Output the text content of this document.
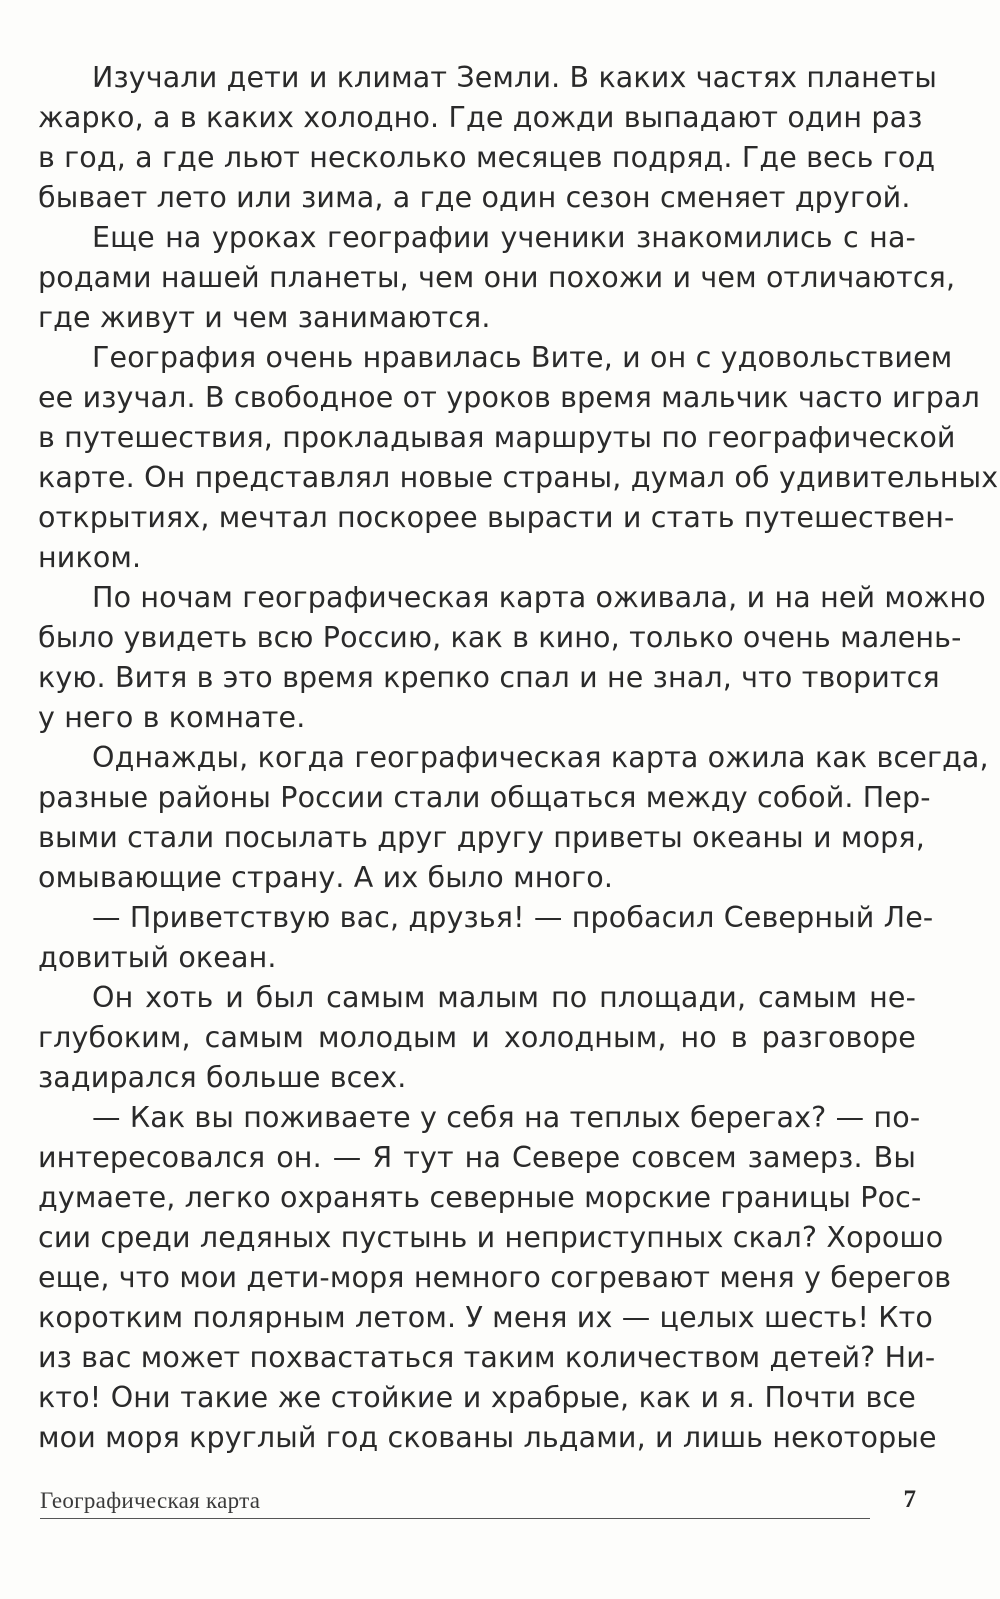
Изучали дети и климат Земли. В каких частях планеты
жарко, а в каких холодно. Где дожди выпадают один раз
в год, а где льют несколько месяцев подряд. Где весь год
бывает лето или зима, а где один сезон сменяет другой.
Еще на уроках географии ученики знакомились с на-
родами нашей планеты, чем они похожи и чем отличаются,
где живут и чем занимаются.
География очень нравилась Вите, и он с удовольствием
ее изучал. В свободное от уроков время мальчик часто играл
в путешествия, прокладывая маршруты по географической
карте. Он представлял новые страны, думал об удивительных
открытиях, мечтал поскорее вырасти и стать путешествен-
ником.
По ночам географическая карта оживала, и на ней можно
было увидеть всю Россию, как в кино, только очень малень-
кую. Витя в это время крепко спал и не знал, что творится
у него в комнате.
Однажды, когда географическая карта ожила как всегда,
разные районы России стали общаться между собой. Пер-
выми стали посылать друг другу приветы океаны и моря,
омывающие страну. А их было много.
— Приветствую вас, друзья! — пробасил Северный Ле-
довитый океан.
Он хоть и был самым малым по площади, самым не-
глубоким, самым молодым и холодным, но в разговоре
задирался больше всех.
— Как вы поживаете у себя на теплых берегах? — по-
интересовался он. — Я тут на Севере совсем замерз. Вы
думаете, легко охранять северные морские границы Рос-
сии среди ледяных пустынь и неприступных скал? Хорошо
еще, что мои дети-моря немного согревают меня у берегов
коротким полярным летом. У меня их — целых шесть! Кто
из вас может похвастаться таким количеством детей? Ни-
кто! Они такие же стойкие и храбрые, как и я. Почти все
мои моря круглый год скованы льдами, и лишь некоторые
Географическая карта	7
